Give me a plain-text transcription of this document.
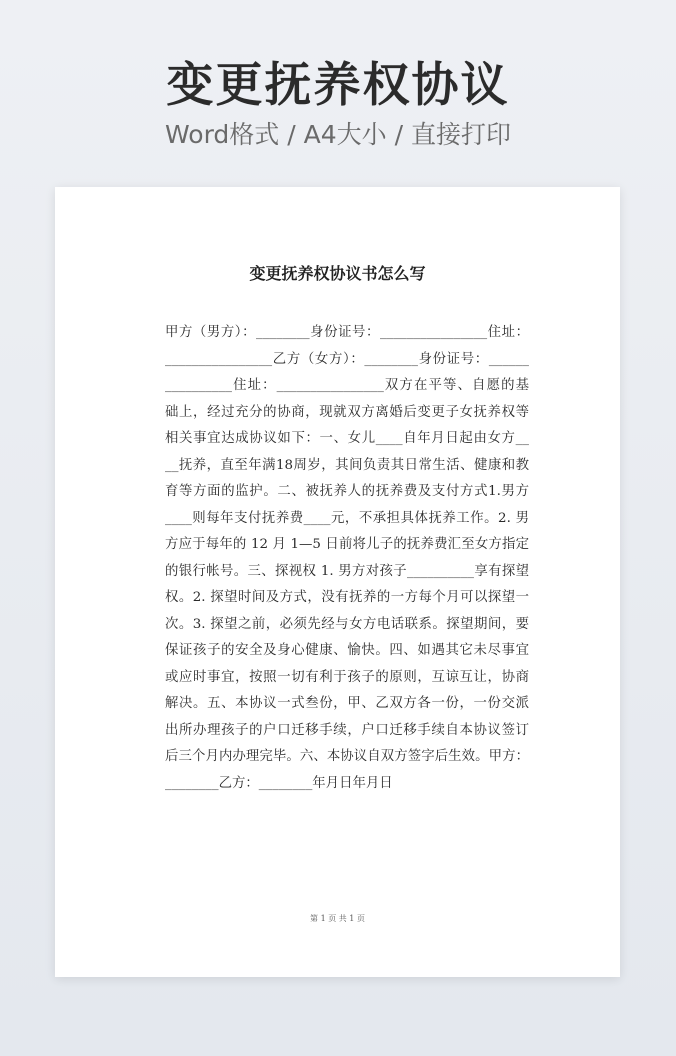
变更抚养权协议
Word格式 / A4大小 / 直接打印
变更抚养权协议书怎么写
甲方（男方）：________身份证号：________________住址：
________________乙方（女方）：________身份证号：______
__________住址：________________双方在平等、自愿的基
础上，经过充分的协商，现就双方离婚后变更子女抚养权等
相关事宜达成协议如下：一、女儿____自年月日起由女方__
__抚养，直至年满18周岁，其间负责其日常生活、健康和教
育等方面的监护。二、被抚养人的抚养费及支付方式1.男方
____则每年支付抚养费____元，不承担具体抚养工作。2. 男
方应于每年的 12 月 1—5 日前将儿子的抚养费汇至女方指定
的银行帐号。三、探视权 1. 男方对孩子__________享有探望
权。2. 探望时间及方式，没有抚养的一方每个月可以探望一
次。3. 探望之前，必须先经与女方电话联系。探望期间，要
保证孩子的安全及身心健康、愉快。四、如遇其它未尽事宜
或应时事宜，按照一切有利于孩子的原则，互谅互让，协商
解决。五、本协议一式叁份，甲、乙双方各一份，一份交派
出所办理孩子的户口迁移手续，户口迁移手续自本协议签订
后三个月内办理完毕。六、本协议自双方签字后生效。甲方：
________乙方：________年月日年月日
第 1 页 共 1 页
